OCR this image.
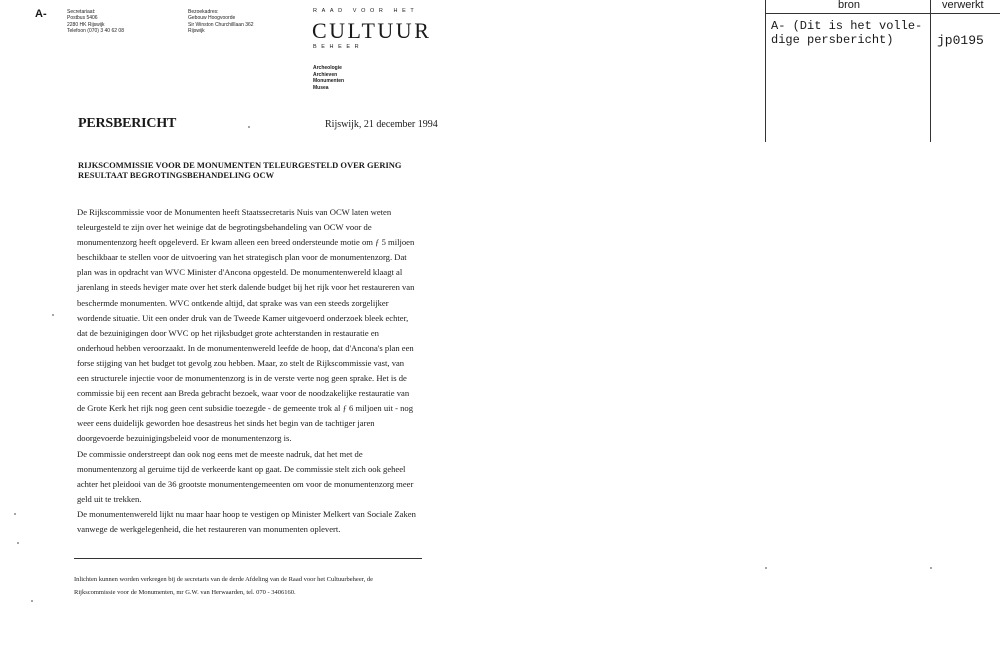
A-	Secretariaat:
Postbus 5406
2280 HK Rijswijk
Telefoon (070) 3 40 62 08
Bezoekadres:
Gebouw Hoogvoorde
Sir Winston Churchilllaan 362
Rijswijk
RAAD VOOR HET
CULTUUR
BEHEER
Archeologie
Archieven
Monumenten
Musea
PERSBERICHT	Rijswijk, 21 december 1994
RIJKSCOMMISSIE VOOR DE MONUMENTEN TELEURGESTELD OVER GERING
RESULTAAT BEGROTINGSBEHANDELING OCW

De Rijkscommissie voor de Monumenten heeft Staatssecretaris Nuis van OCW laten weten

teleurgesteld te zijn over het weinige dat de begrotingsbehandeling van OCW voor de

monumentenzorg heeft opgeleverd. Er kwam alleen een breed ondersteunde motie om ƒ 5 miljoen

beschikbaar te stellen voor de uitvoering van het strategisch plan voor de monumentenzorg. Dat

plan was in opdracht van WVC Minister d'Ancona opgesteld. De monumentenwereld klaagt al

jarenlang in steeds heviger mate over het sterk dalende budget bij het rijk voor het restaureren van

beschermde monumenten. WVC ontkende altijd, dat sprake was van een steeds zorgelijker

wordende situatie. Uit een onder druk van de Tweede Kamer uitgevoerd onderzoek bleek echter,

dat de bezuinigingen door WVC op het rijksbudget grote achterstanden in restauratie en

onderhoud hebben veroorzaakt. In de monumentenwereld leefde de hoop, dat d'Ancona's plan een

forse stijging van het budget tot gevolg zou hebben. Maar, zo stelt de Rijkscommissie vast, van

een structurele injectie voor de monumentenzorg is in de verste verte nog geen sprake. Het is de

commissie bij een recent aan Breda gebracht bezoek, waar voor de noodzakelijke restauratie van

de Grote Kerk het rijk nog geen cent subsidie toezegde - de gemeente trok al ƒ 6 miljoen uit - nog

weer eens duidelijk geworden hoe desastreus het sinds het begin van de tachtiger jaren

doorgevoerde bezuinigingsbeleid voor de monumentenzorg is.

De commissie onderstreept dan ook nog eens met de meeste nadruk, dat het met de

monumentenzorg al geruime tijd de verkeerde kant op gaat. De commissie stelt zich ook geheel

achter het pleidooi van de 36 grootste monumentengemeenten om voor de monumentenzorg meer

geld uit te trekken.

De monumentenwereld lijkt nu maar haar hoop te vestigen op Minister Melkert van Sociale Zaken

vanwege de werkgelegenheid, die het restaureren van monumenten oplevert.

Inlichten kunnen worden verkregen bij de secretaris van de derde Afdeling van de Raad voor het Cultuurbeheer, de

Rijkscommissie voor de Monumenten, mr G.W. van Herwaarden, tel. 070 - 3406160.

bron	verwerkt
A- (Dit is het volle-
dige persbericht)	jp0195
